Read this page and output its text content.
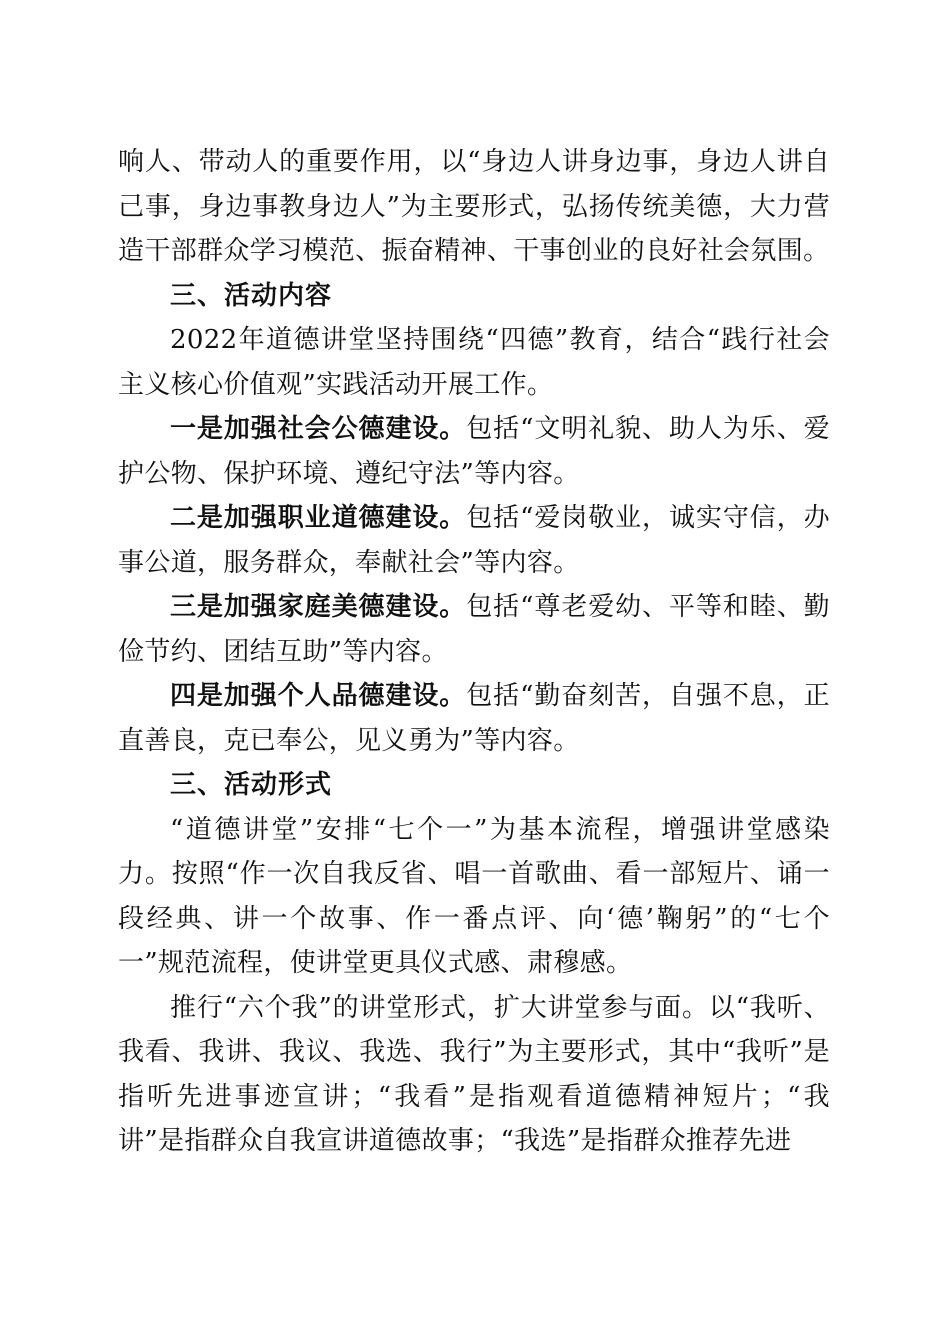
响人、带动人的重要作用，以“身边人讲身边事，身边人讲自己事，身边事教身边人”为主要形式，弘扬传统美德，大力营造干部群众学习模范、振奋精神、干事创业的良好社会氛围。

三、活动内容

2022年道德讲堂坚持围绕“四德”教育，结合“践行社会主义核心价值观”实践活动开展工作。

一是加强社会公德建设。包括“文明礼貌、助人为乐、爱护公物、保护环境、遵纪守法”等内容。

二是加强职业道德建设。包括“爱岗敬业，诚实守信，办事公道，服务群众，奉献社会”等内容。

三是加强家庭美德建设。包括“尊老爱幼、平等和睦、勤俭节约、团结互助”等内容。

四是加强个人品德建设。包括“勤奋刻苦，自强不息，正直善良，克已奉公，见义勇为”等内容。

三、活动形式

“道德讲堂”安排“七个一”为基本流程，增强讲堂感染力。按照“作一次自我反省、唱一首歌曲、看一部短片、诵一段经典、讲一个故事、作一番点评、向‘德’鞠躬”的“七个一”规范流程，使讲堂更具仪式感、肃穆感。

推行“六个我”的讲堂形式，扩大讲堂参与面。以“我听、我看、我讲、我议、我选、我行”为主要形式，其中“我听”是指听先进事迹宣讲；“我看”是指观看道德精神短片；“我讲”是指群众自我宣讲道德故事；“我选”是指群众推荐先进
